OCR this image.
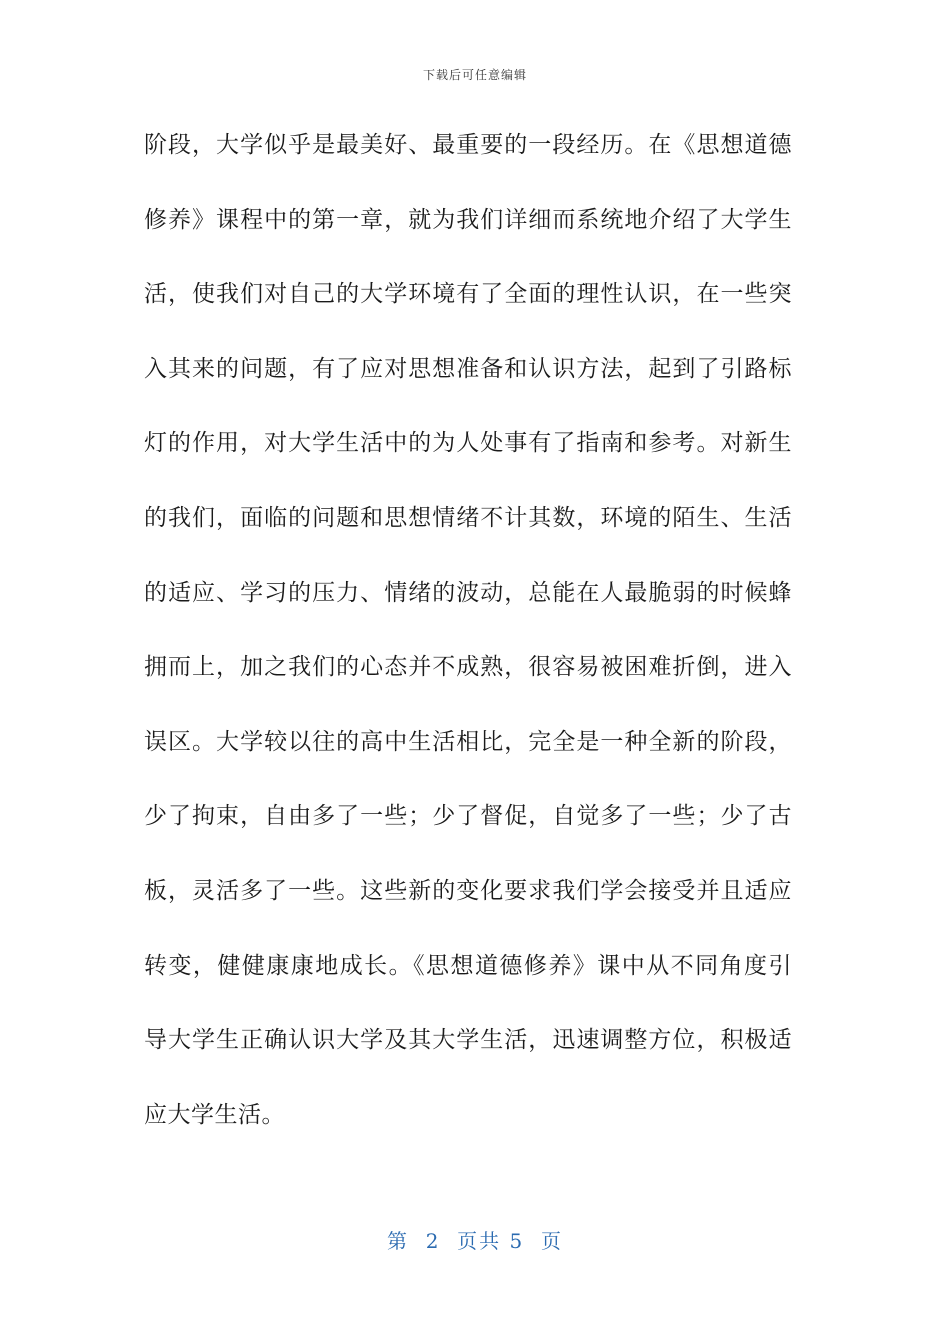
下载后可任意编辑
阶段，大学似乎是最美好、最重要的一段经历。在《思想道德
修养》课程中的第一章，就为我们详细而系统地介绍了大学生
活，使我们对自己的大学环境有了全面的理性认识，在一些突
入其来的问题，有了应对思想准备和认识方法，起到了引路标
灯的作用，对大学生活中的为人处事有了指南和参考。对新生
的我们，面临的问题和思想情绪不计其数，环境的陌生、生活
的适应、学习的压力、情绪的波动，总能在人最脆弱的时候蜂
拥而上，加之我们的心态并不成熟，很容易被困难折倒，进入
误区。大学较以往的高中生活相比，完全是一种全新的阶段，
少了拘束，自由多了一些；少了督促，自觉多了一些；少了古
板，灵活多了一些。这些新的变化要求我们学会接受并且适应
转变，健健康康地成长。《思想道德修养》课中从不同角度引
导大学生正确认识大学及其大学生活，迅速调整方位，积极适
应大学生活。
第  2  页共 5  页
